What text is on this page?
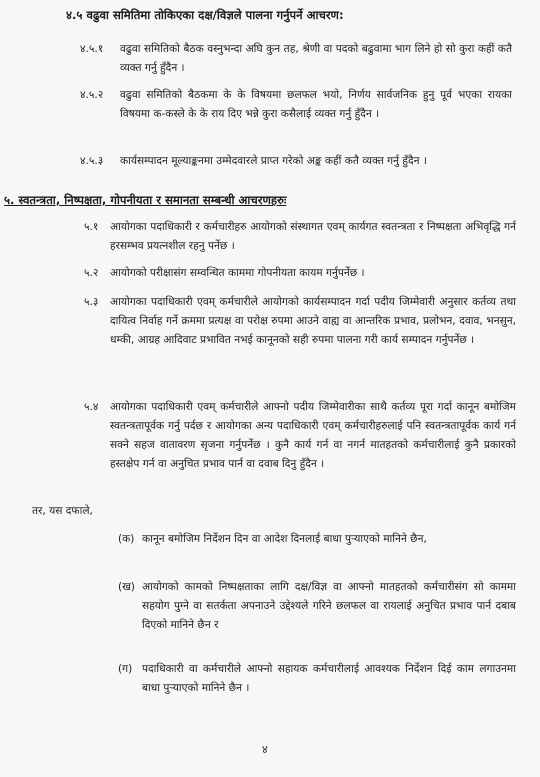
४.५ वढुवा समितिमा तोकिएका दक्ष/विज्ञले पालना गर्नुपर्ने आचरण:

४.५.१ वढुवा समितिको बैठक वस्नुभन्दा अघि कुन तह, श्रेणी वा पदको बढुवामा भाग लिने हो सो कुरा कहीं कतै व्यक्त गर्नु हुँदैन ।

४.५.२ वढुवा समितिको बैठकमा के के विषयमा छलफल भयो, निर्णय सार्वजनिक हुनु पूर्व भएका रायका विषयमा क-कस्ले के के राय दिए भन्ने कुरा कसैलाई व्यक्त गर्नु हुँदैन ।

४.५.३ कार्यसम्पादन मूल्याङ्कनमा उम्मेदवारले प्राप्त गरेको अङ्क कहीं कतै व्यक्त गर्नु हुँदैन ।

५. स्वतन्त्रता, निष्पक्षता, गोपनीयता र समानता सम्बन्धी आचरणहरुः

५.१ आयोगका पदाधिकारी र कर्मचारीहरु आयोगको संस्थागत एवम् कार्यगत स्वतन्त्रता र निष्पक्षता अभिवृद्धि गर्न हरसम्भव प्रयत्नशील रहनु पर्नेछ ।

५.२ आयोगको परीक्षासंग सम्वन्धित काममा गोपनीयता कायम गर्नुपर्नेछ ।

५.३ आयोगका पदाधिकारी एवम् कर्मचारीले आयोगको कार्यसम्पादन गर्दा पदीय जिम्मेवारी अनुसार कर्तव्य तथा दायित्व निर्वाह गर्ने क्रममा प्रत्यक्ष वा परोक्ष रुपमा आउने वाह्य वा आन्तरिक प्रभाव, प्रलोभन, दवाव, भनसुन, धम्की, आग्रह आदिवाट प्रभावित नभई कानूनको सही रुपमा पालना गरी कार्य सम्पादन गर्नुपर्नेछ ।

५.४ आयोगका पदाधिकारी एवम् कर्मचारीले आफ्नो पदीय जिम्मेवारीका साथै कर्तव्य पूरा गर्दा कानून बमोजिम स्वतन्त्रतापूर्वक गर्नु पर्दछ र आयोगका अन्य पदाधिकारी एवम् कर्मचारीहरुलाई पनि स्वतन्त्रतापूर्वक कार्य गर्न सक्ने सहज वातावरण सृजना गर्नुपर्नेछ । कुनै कार्य गर्न वा नगर्न मातहतको कर्मचारीलाई कुनै प्रकारको हस्तक्षेप गर्न वा अनुचित प्रभाव पार्न वा दवाब दिनु हुँदैन ।

तर, यस दफाले,

(क) कानून बमोजिम निर्देशन दिन वा आदेश दिनलाई बाधा पुऱ्याएको मानिने छैन,

(ख) आयोगको कामको निष्पक्षताका लागि दक्ष/विज्ञ वा आफ्नो मातहतको कर्मचारीसंग सो काममा सहयोग पुग्ने वा सतर्कता अपनाउने उद्देश्यले गरिने छलफल वा रायलाई अनुचित प्रभाव पार्न दबाब दिएको मानिने छैन र

(ग) पदाधिकारी वा कर्मचारीले आफ्नो सहायक कर्मचारीलाई आवश्यक निर्देशन दिई काम लगाउनमा बाधा पुऱ्याएको मानिने छैन ।

४
